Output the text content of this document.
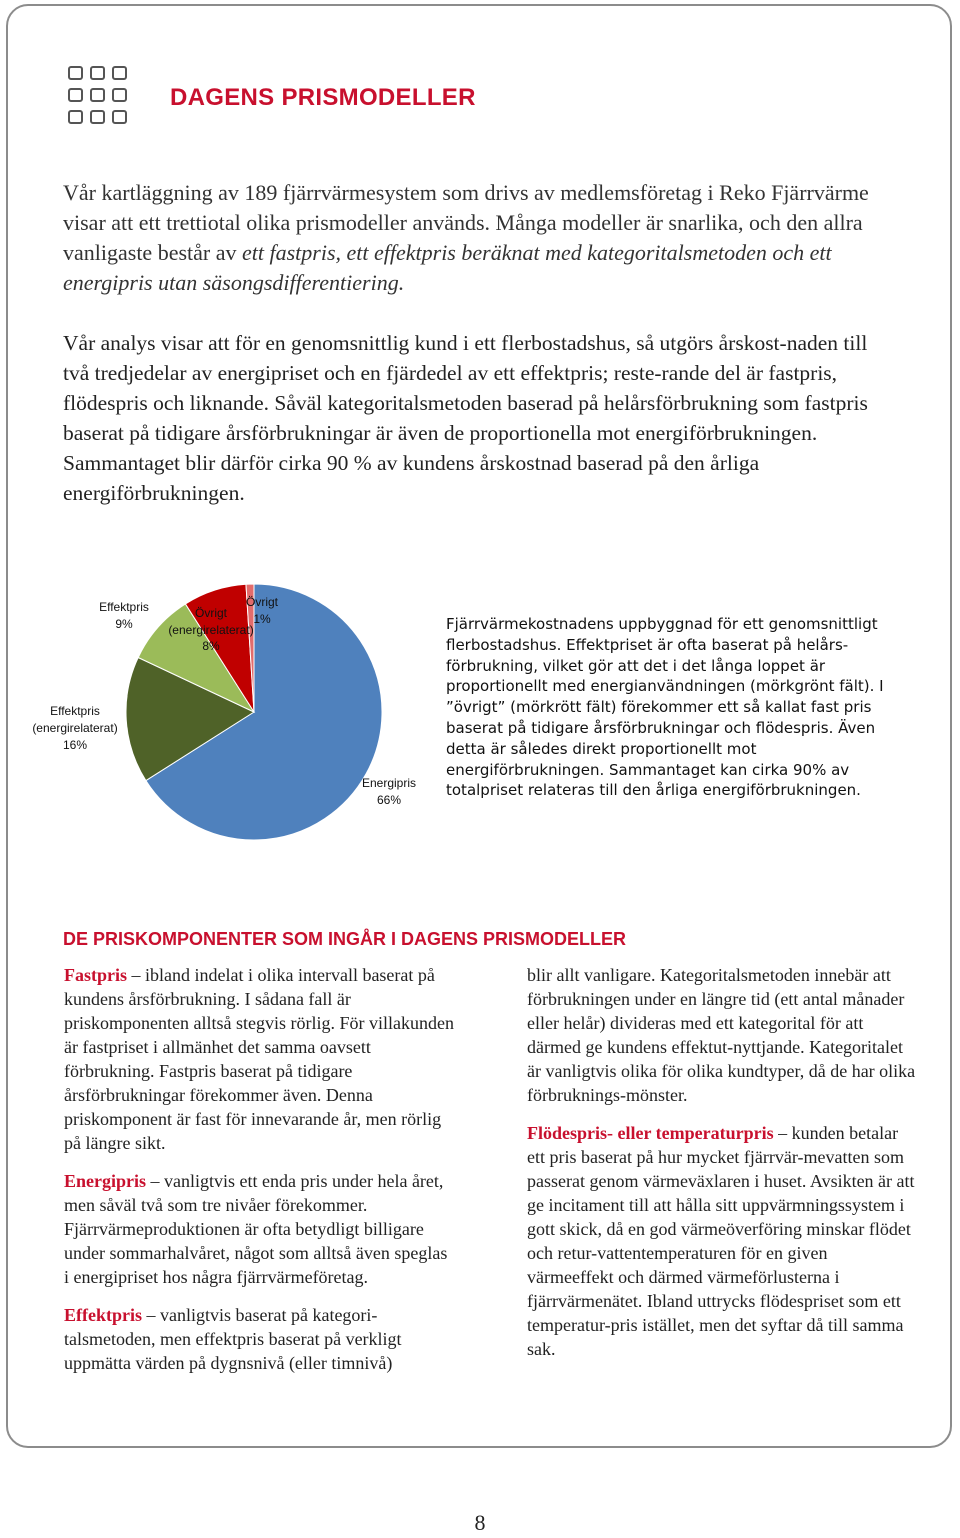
DAGENS PRISMODELLER
Vår kartläggning av 189 fjärrvärmesystem som drivs av medlemsföretag i Reko Fjärrvärme visar att ett trettiotal olika prismodeller används. Många modeller är snarlika, och den allra vanligaste består av ett fastpris, ett effektpris beräknat med kategoritalsmetoden och ett energipris utan säsongsdifferentiering.
Vår analys visar att för en genomsnittlig kund i ett flerbostadshus, så utgörs årskost-naden till två tredjedelar av energipriset och en fjärdedel av ett effektpris; reste-rande del är fastpris, flödespris och liknande. Såväl kategoritalsmetoden baserad på helårsförbrukning som fastpris baserat på tidigare årsförbrukningar är även de proportionella mot energiförbrukningen. Sammantaget blir därför cirka 90 % av kundens årskostnad baserad på den årliga energiförbrukningen.
Effektpris
(energirelaterat)
16%
Effektpris
9%
Övrigt
(energirelaterat)
8%
Övrigt
1%
Energipris
66%
Fjärrvärmekostnadens uppbyggnad för ett genomsnittligt flerbostadshus. Effektpriset är ofta baserat på helårs-förbrukning, vilket gör att det i det långa loppet är proportionellt med energianvändningen (mörkgrönt fält). I ”övrigt” (mörkrött fält) förekommer ett så kallat fast pris baserat på tidigare årsförbrukningar och flödespris. Även detta är således direkt proportionellt mot energiförbrukningen. Sammantaget kan cirka 90% av totalpriset relateras till den årliga energiförbrukningen.
DE PRISKOMPONENTER SOM INGÅR I DAGENS PRISMODELLER

Fastpris – ibland indelat i olika intervall baserat på kundens årsförbrukning. I sådana fall är priskomponenten alltså stegvis rörlig. För villakunden är fastpriset i allmänhet det samma oavsett förbrukning. Fastpris baserat på tidigare årsförbrukningar förekommer även. Denna priskomponent är fast för innevarande år, men rörlig på längre sikt.

Energipris – vanligtvis ett enda pris under hela året, men såväl två som tre nivåer förekommer. Fjärrvärmeproduktionen är ofta betydligt billigare under sommarhalvåret, något som alltså även speglas i energipriset hos några fjärrvärmeföretag.

Effektpris – vanligtvis baserat på kategori-talsmetoden, men effektpris baserat på verkligt uppmätta värden på dygnsnivå (eller timnivå)

blir allt vanligare. Kategoritalsmetoden innebär att förbrukningen under en längre tid (ett antal månader eller helår) divideras med ett kategorital för att därmed ge kundens effektut-nyttjande. Kategoritalet är vanligtvis olika för olika kundtyper, då de har olika förbruknings-mönster.

Flödespris- eller temperaturpris – kunden betalar ett pris baserat på hur mycket fjärrvär-mevatten som passerat genom värmeväxlaren i huset. Avsikten är att ge incitament till att hålla sitt uppvärmningssystem i gott skick, då en god värmeöverföring minskar flödet och retur-vattentemperaturen för en given värmeeffekt och därmed värmeförlusterna i fjärrvärmenätet. Ibland uttrycks flödespriset som ett temperatur-pris istället, men det syftar då till samma sak.

8
